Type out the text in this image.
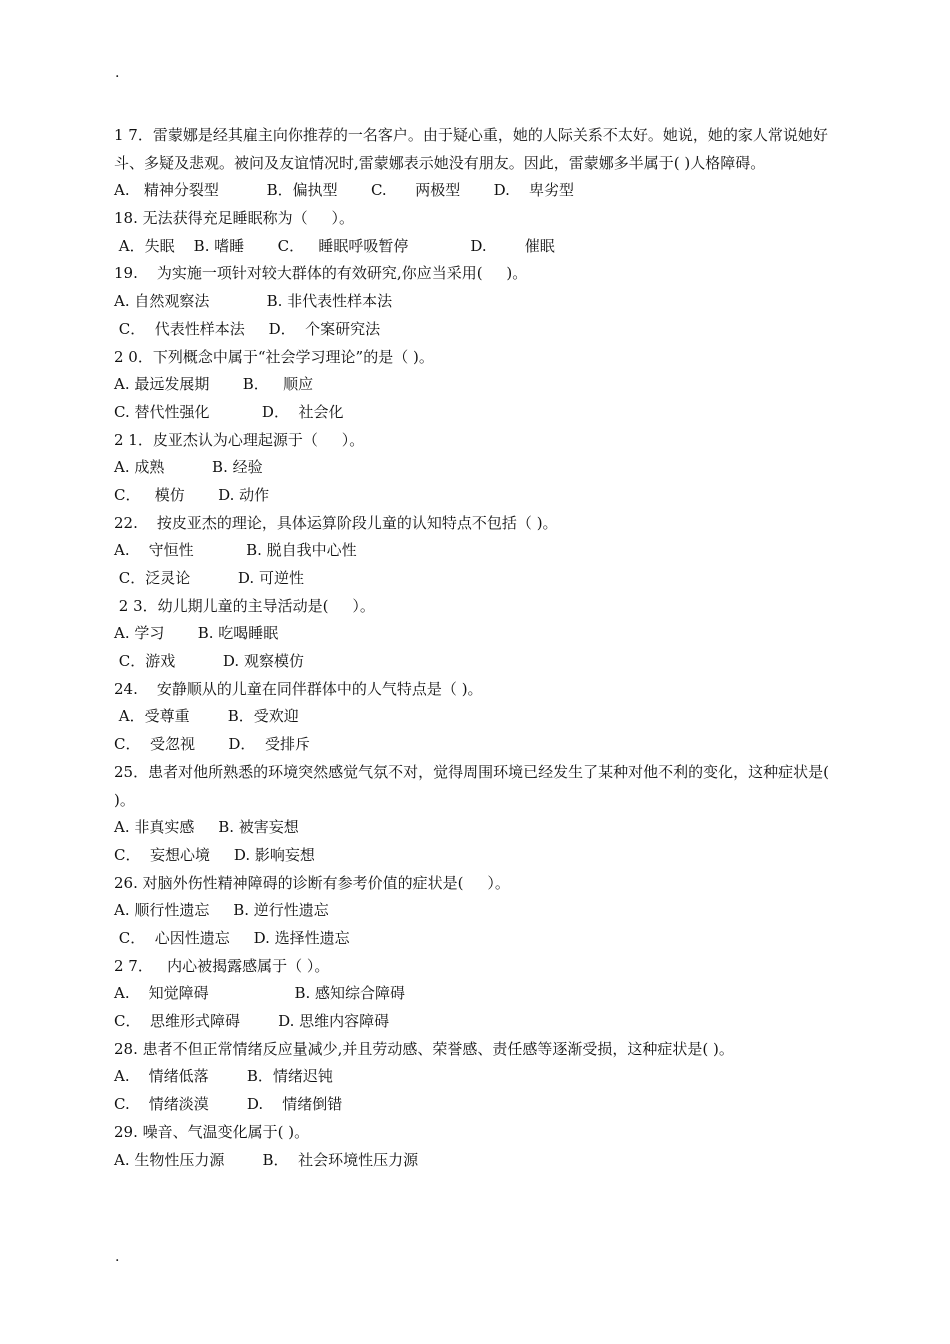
.
1 7．雷蒙娜是经其雇主向你推荐的一名客户。由于疑心重，她的人际关系不太好。她说，她的家人常说她好斗、多疑及悲观。被问及友谊情况时,雷蒙娜表示她没有朋友。因此，雷蒙娜多半属于( )人格障碍。
A.   精神分裂型          B．偏执型       C.      两极型       D.    卑劣型
18. 无法获得充足睡眠称为（     ）。
A．失眠    B. 嗜睡       C．   睡眠呼吸暂停             D.        催眠
19.    为实施一项针对较大群体的有效研究,你应当采用(     )。
A. 自然观察法            B. 非代表性样本法
C．  代表性样本法     D．  个案研究法
2 0．下列概念中属于“社会学习理论”的是（ )。
A. 最远发展期       B．   顺应
C. 替代性强化           D．  社会化
2 1．皮亚杰认为心理起源于（     ）。
A. 成熟          B. 经验
C．   模仿       D. 动作
22.    按皮亚杰的理论，具体运算阶段儿童的认知特点不包括（ )。
A.    守恒性           B. 脱自我中心性
C．泛灵论          D. 可逆性
2 3．幼儿期儿童的主导活动是(     ）。
A. 学习       B. 吃喝睡眠
C．游戏          D. 观察模仿
24.    安静顺从的儿童在同伴群体中的人气特点是（ )。
A．受尊重        B．受欢迎
C．  受忽视       D．  受排斥
25．患者对他所熟悉的环境突然感觉气氛不对，觉得周围环境已经发生了某种对他不利的变化，这种症状是( )。
A. 非真实感     B. 被害妄想
C．  妄想心境     D. 影响妄想
26. 对脑外伤性精神障碍的诊断有参考价值的症状是(     ）。
A. 顺行性遗忘     B. 逆行性遗忘
C．  心因性遗忘     D. 选择性遗忘
2 7．   内心被揭露感属于（ ）。
A.    知觉障碍                  B. 感知综合障碍
C．  思维形式障碍        D. 思维内容障碍
28. 患者不但正常情绪反应量减少,并且劳动感、荣誉感、责任感等逐渐受损，这种症状是( )。
A.    情绪低落        B．情绪迟钝
C.    情绪淡漠        D.    情绪倒错
29. 噪音、气温变化属于( )。
A. 生物性压力源        B．  社会环境性压力源
.
